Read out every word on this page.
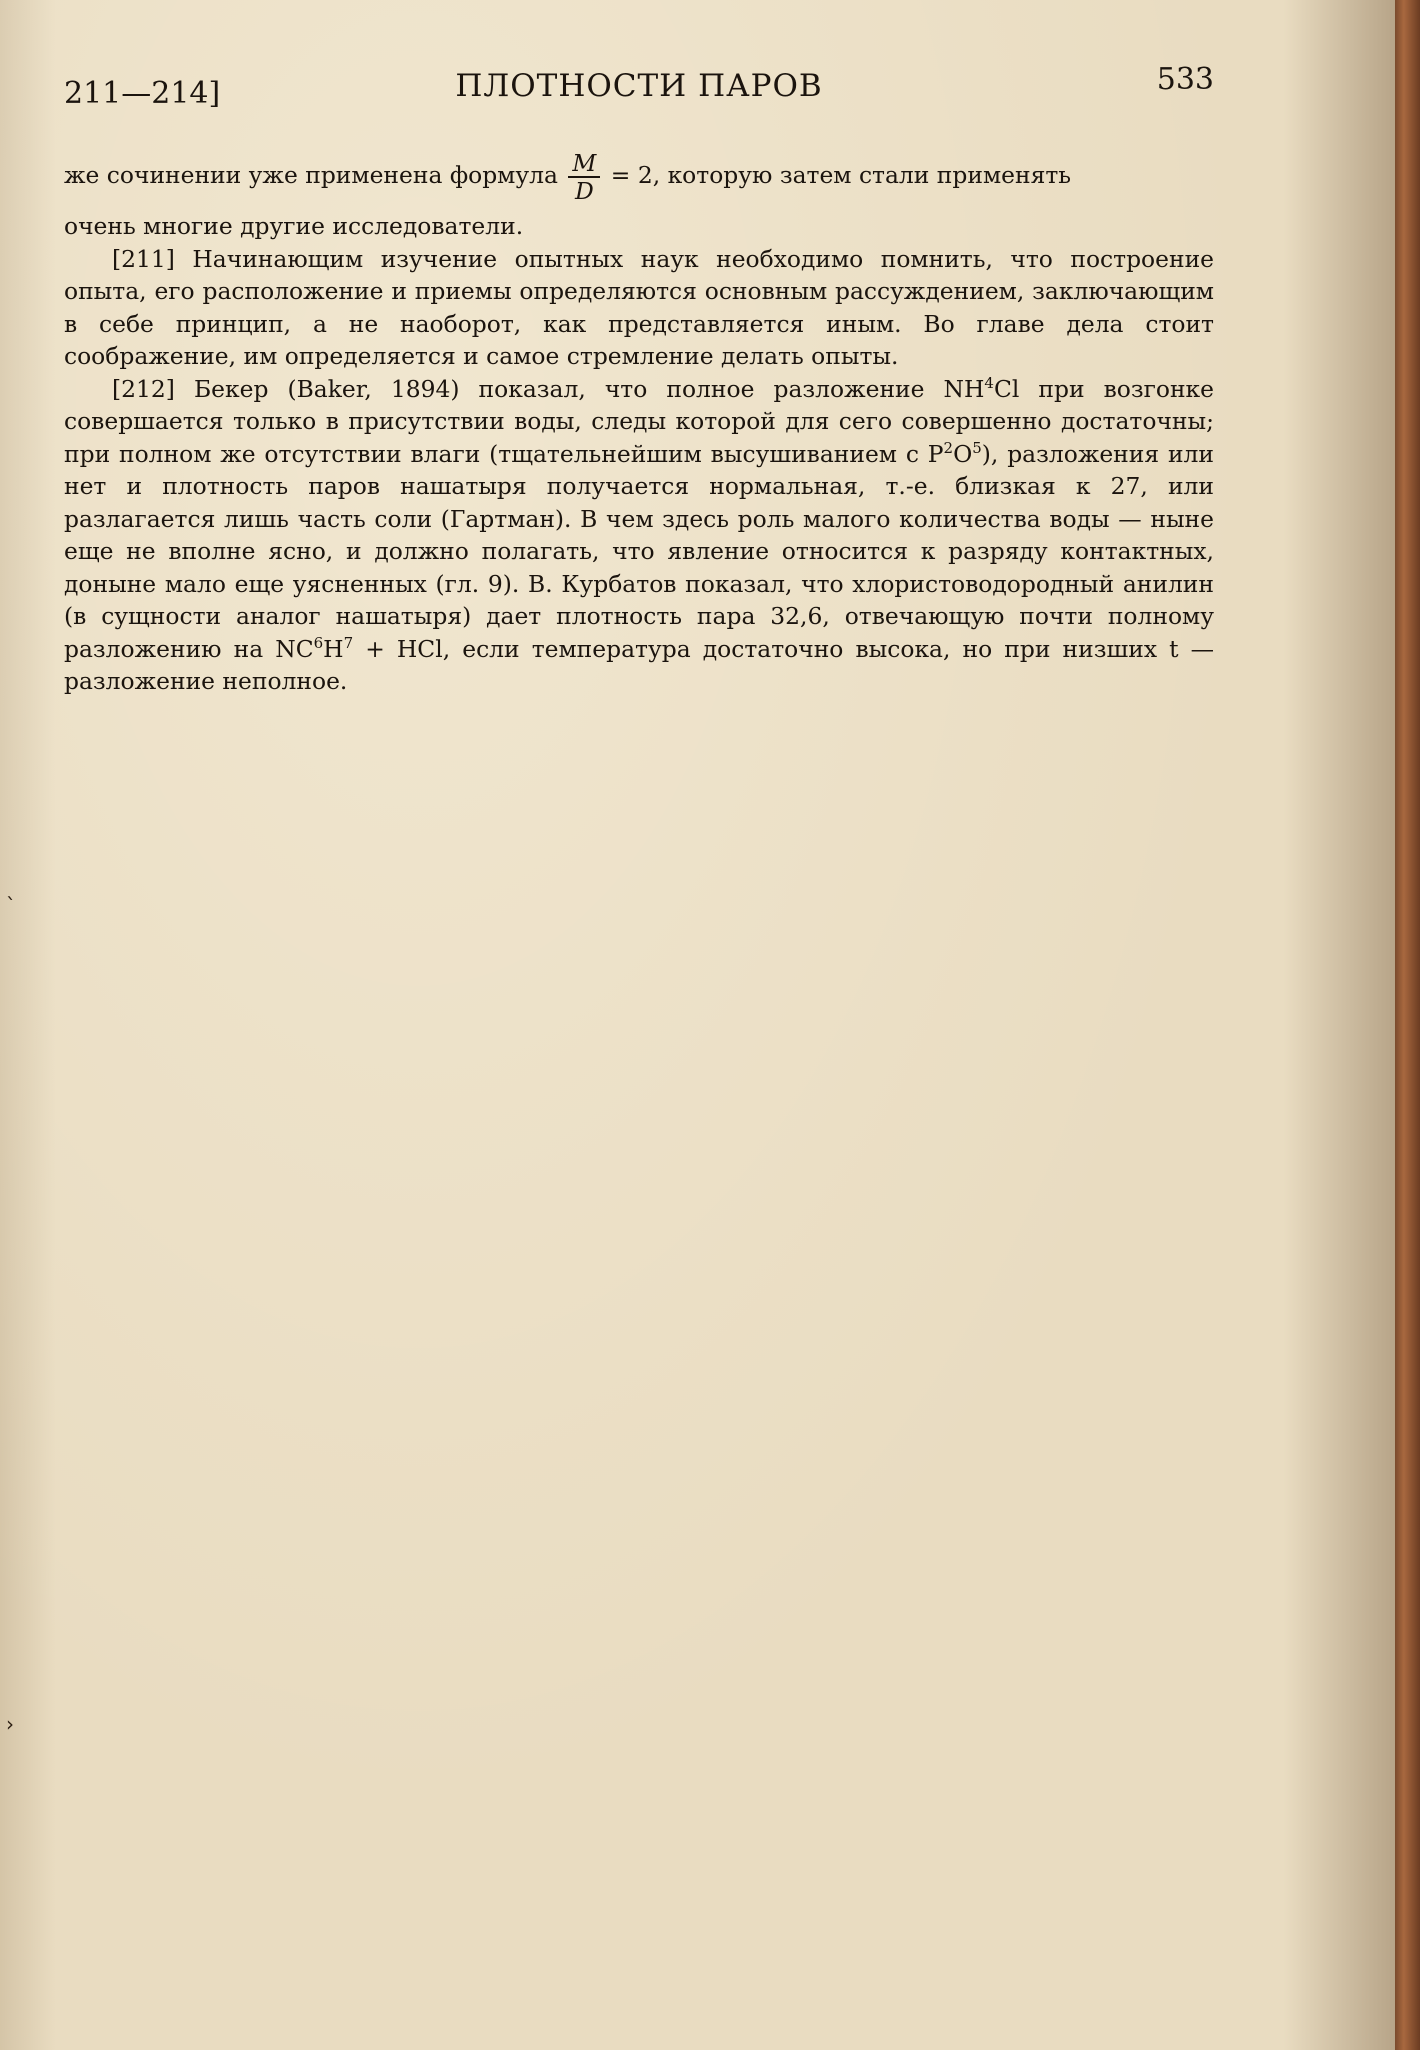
211—214]	ПЛОТНОСТИ ПАРОВ	533

же сочинении уже применена формула $\frac{M}{D} = 2$, которую затем стали применять

очень многие другие исследователи.

[211] Начинающим изучение опытных наук необходимо помнить, что построение опыта, его расположение и приемы определяются основным рассуждением, заключающим в себе принцип, а не наоборот, как представляется иным. Во главе дела стоит соображение, им определяется и самое стремление делать опыты.

[212] Бекер (Baker, 1894) показал, что полное разложение $NH^4Cl$ при возгонке совершается только в присутствии воды, следы которой для сего совершенно достаточны; при полном же отсутствии влаги (тщательнейшим высушиванием с $P^2O^5$), разложения или нет и плотность паров нашатыря получается нормальная, т.-е. близкая к 27, или разлагается лишь часть соли (Гартман). В чем здесь роль малого количества воды — ныне еще не вполне ясно, и должно полагать, что явление относится к разряду контактных, доныне мало еще уясненных (гл. 9). В. Курбатов показал, что хлористоводородный анилин (в сущности аналог нашатыря) дает плотность пара 32,6, отвечающую почти полному разложению на $NC^6H^7$ + HCl, если температура достаточно высока, но при низших t — разложение неполное.

ˎ
›
